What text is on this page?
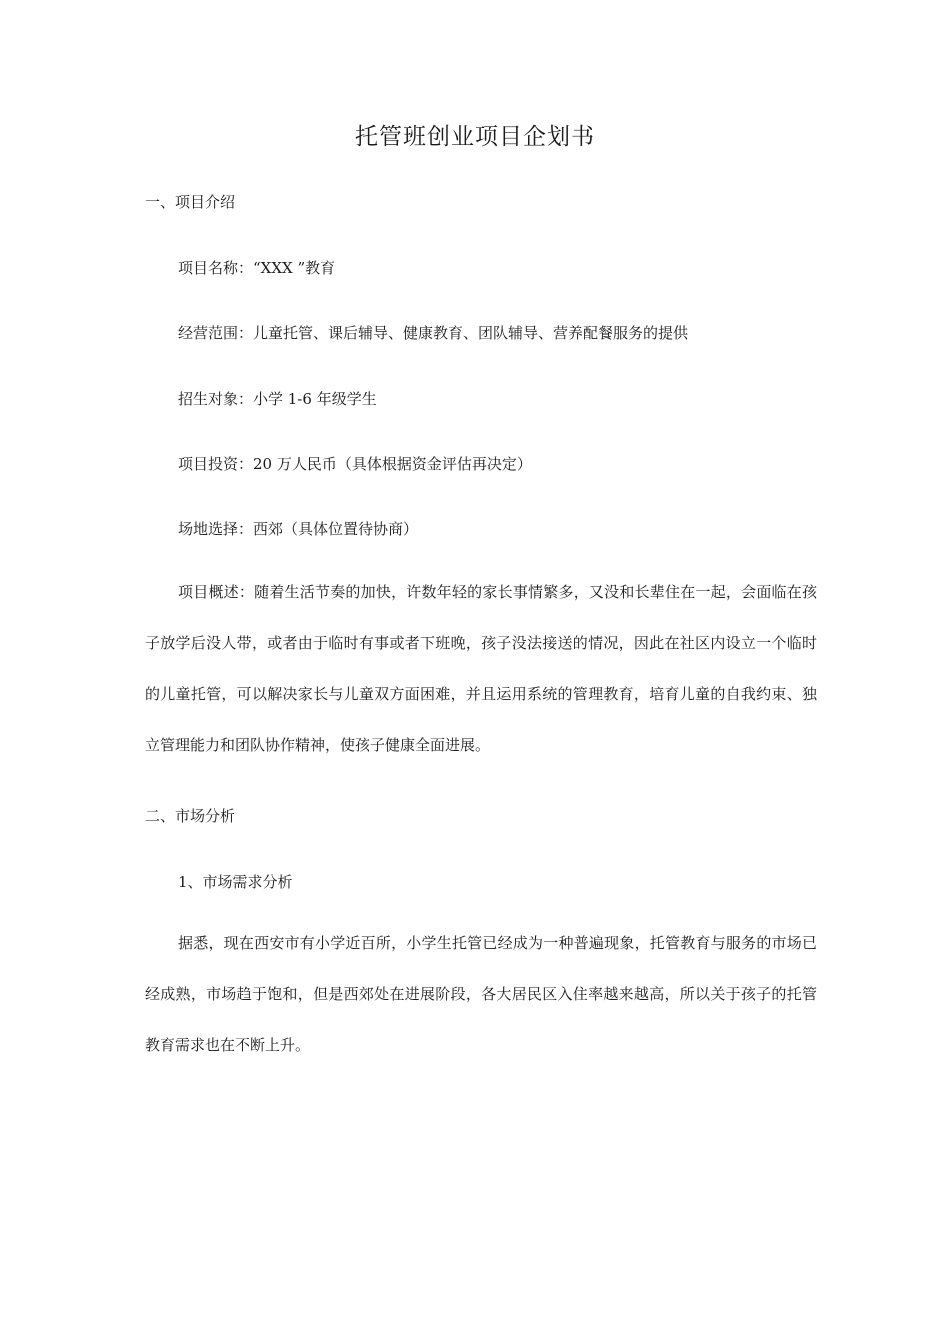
托管班创业项目企划书
一、项目介绍

项目名称：“XXX ”教育

经营范围：儿童托管、课后辅导、健康教育、团队辅导、营养配餐服务的提供

招生对象：小学 1-6 年级学生

项目投资：20 万人民币（具体根据资金评估再决定）

场地选择：西郊（具体位置待协商）

项目概述：随着生活节奏的加快，许数年轻的家长事情繁多，又没和长辈住在一起，会面临在孩子放学后没人带，或者由于临时有事或者下班晚，孩子没法接送的情况，因此在社区内设立一个临时的儿童托管，可以解决家长与儿童双方面困难，并且运用系统的管理教育，培育儿童的自我约束、独立管理能力和团队协作精神，使孩子健康全面进展。

二、市场分析

1、市场需求分析

据悉，现在西安市有小学近百所，小学生托管已经成为一种普遍现象，托管教育与服务的市场已经成熟，市场趋于饱和，但是西郊处在进展阶段，各大居民区入住率越来越高，所以关于孩子的托管教育需求也在不断上升。
